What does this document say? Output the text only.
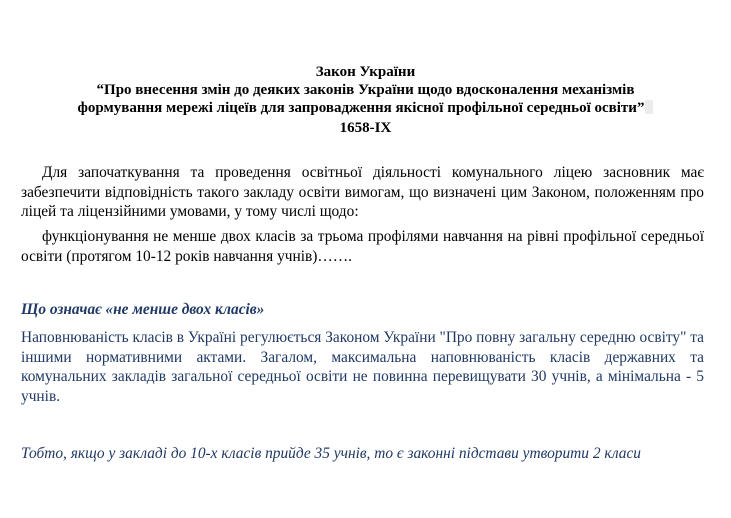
Закон України
“Про внесення змін до деяких законів України щодо вдосконалення механізмів
формування мережі ліцеїв для запровадження якісної профільної середньої освіти”
1658-IX
Для започаткування та проведення освітньої діяльності комунального ліцею засновник має забезпечити відповідність такого закладу освіти вимогам, що визначені цим Законом, положенням про ліцей та ліцензійними умовами, у тому числі щодо:
функціонування не менше двох класів за трьома профілями навчання на рівні профільної середньої освіти (протягом 10-12 років навчання учнів)…….
Що означає «не менше двох класів»
Наповнюваність класів в Україні регулюється Законом України "Про повну загальну середню освіту" та іншими нормативними актами. Загалом, максимальна наповнюваність класів державних та комунальних закладів загальної середньої освіти не повинна перевищувати 30 учнів, а мінімальна - 5 учнів.
Тобто, якщо у закладі до 10-х класів прийде 35 учнів, то є законні підстави утворити 2 класи
